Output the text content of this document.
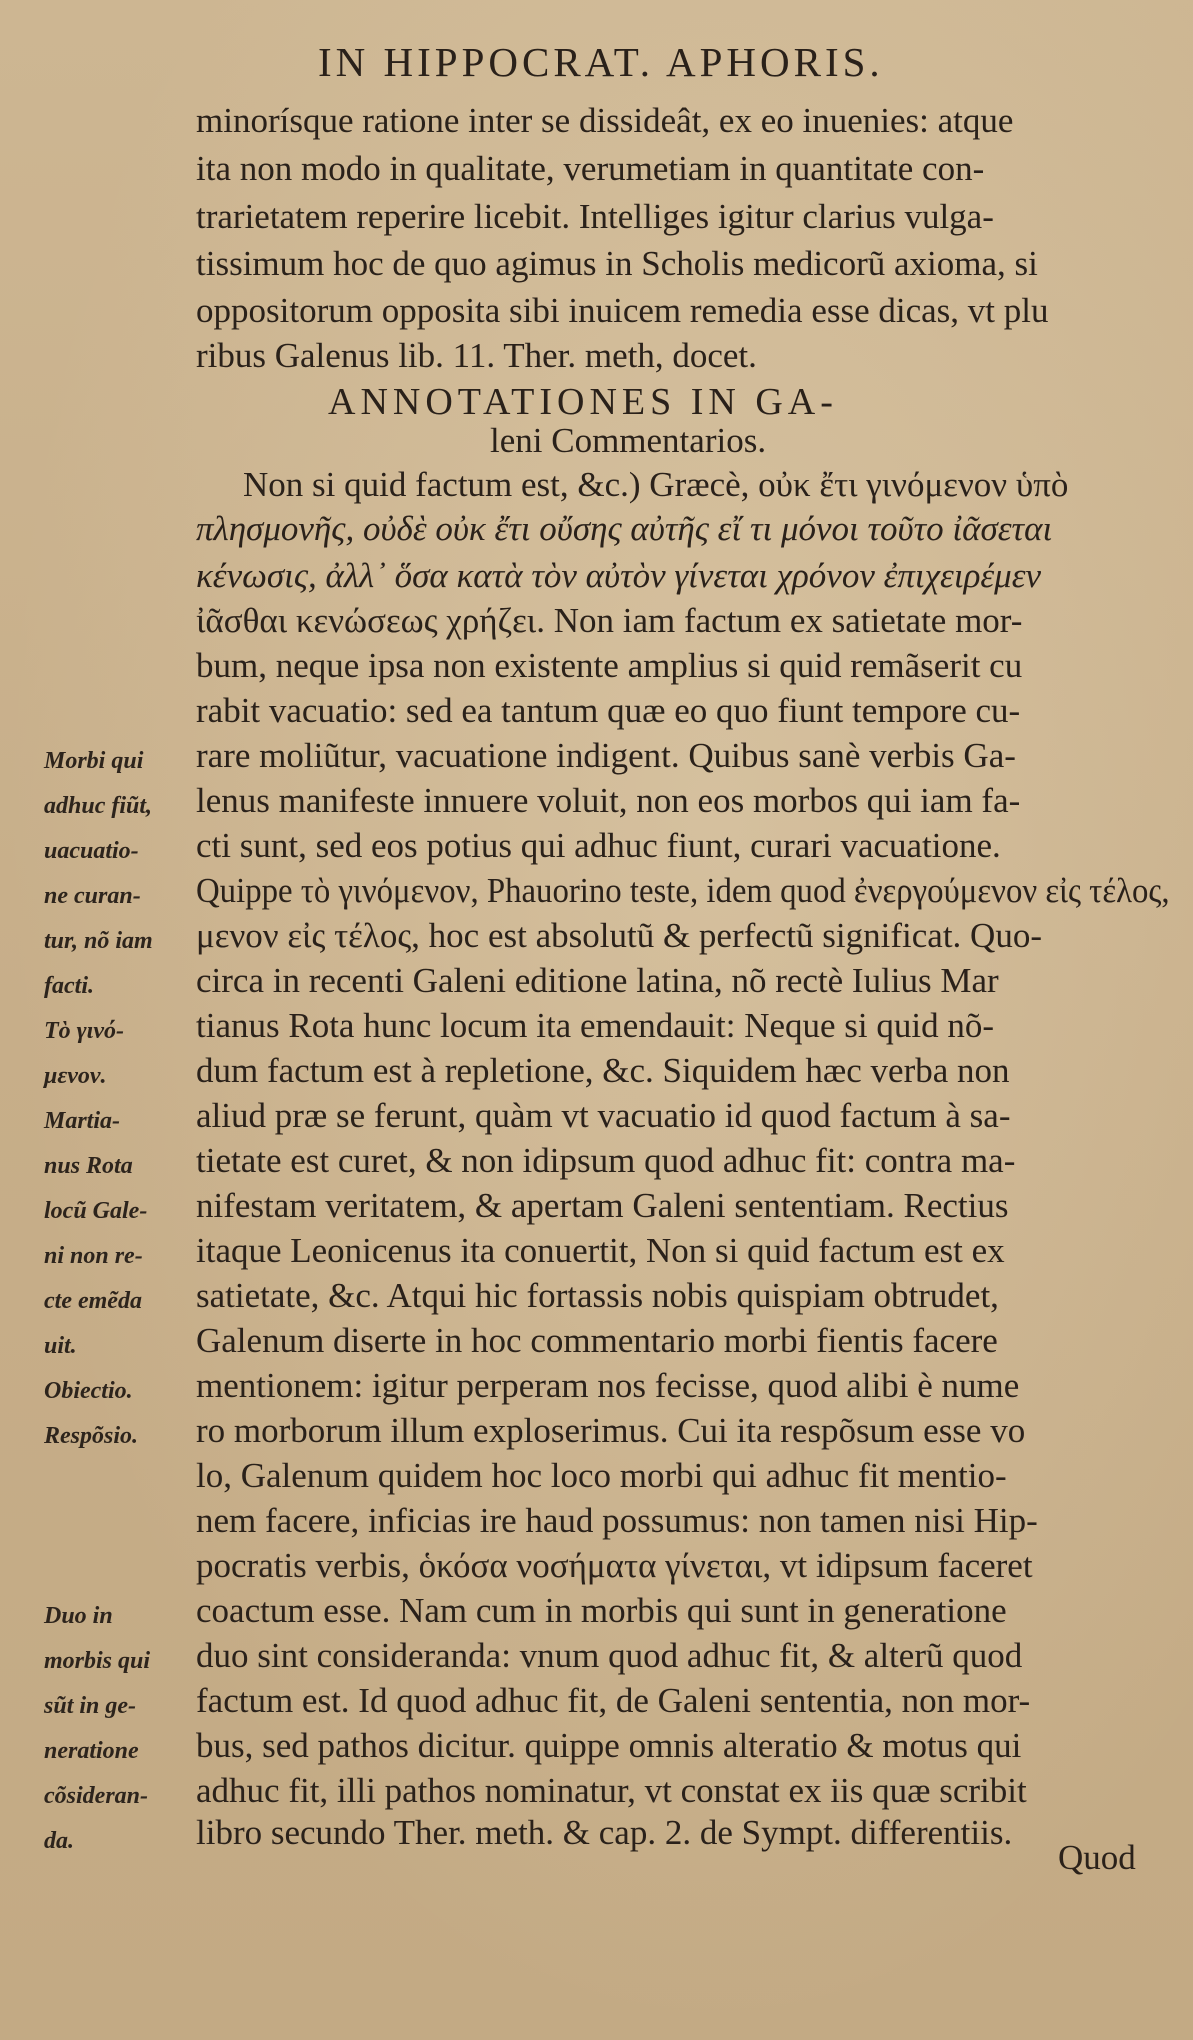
IN HIPPOCRAT. APHORIS.
minorísque ratione inter se dissideât, ex eo inuenies: atque
ita non modo in qualitate, verumetiam in quantitate con-
trarietatem reperire licebit. Intelliges igitur clarius vulga-
tissimum hoc de quo agimus in Scholis medicorũ axioma, si
oppositorum opposita sibi inuicem remedia esse dicas, vt plu
ribus Galenus lib. 11. Ther. meth, docet.
ANNOTATIONES IN GA-
leni Commentarios.
Non si quid factum est, &c.) Græcè, οὐκ ἔτι γινόμενον ὑπὸ
πλησμονῆς, οὐδὲ οὐκ ἔτι οὔσης αὐτῆς εἴ τι μόνοι τοῦτο ἰᾶσεται
κένωσις, ἀλλ᾽ ὅσα κατὰ τὸν αὐτὸν γίνεται χρόνον ἐπιχειρέμεν
ἰᾶσθαι κενώσεως χρήζει. Non iam factum ex satietate mor-
bum, neque ipsa non existente amplius si quid remãserit cu
rabit vacuatio: sed ea tantum quæ eo quo fiunt tempore cu-
rare moliũtur, vacuatione indigent. Quibus sanè verbis Ga-
lenus manifeste innuere voluit, non eos morbos qui iam fa-
cti sunt, sed eos potius qui adhuc fiunt, curari vacuatione.
Quippe τὸ γινόμενον, Phauorino teste, idem quod ἐνεργούμενον εἰς τέλος,
μενον εἰς τέλος, hoc est absolutũ & perfectũ significat. Quo-
circa in recenti Galeni editione latina, nõ rectè Iulius Mar
tianus Rota hunc locum ita emendauit: Neque si quid nõ-
dum factum est à repletione, &c. Siquidem hæc verba non
aliud præ se ferunt, quàm vt vacuatio id quod factum à sa-
tietate est curet, & non idipsum quod adhuc fit: contra ma-
nifestam veritatem, & apertam Galeni sententiam. Rectius
itaque Leonicenus ita conuertit, Non si quid factum est ex
satietate, &c. Atqui hic fortassis nobis quispiam obtrudet,
Galenum diserte in hoc commentario morbi fientis facere
mentionem: igitur perperam nos fecisse, quod alibi è nume
ro morborum illum exploserimus. Cui ita respõsum esse vo
lo, Galenum quidem hoc loco morbi qui adhuc fit mentio-
nem facere, inficias ire haud possumus: non tamen nisi Hip-
pocratis verbis, ὁκόσα νοσήματα γίνεται, vt idipsum faceret
coactum esse. Nam cum in morbis qui sunt in generatione
duo sint consideranda: vnum quod adhuc fit, & alterũ quod
factum est. Id quod adhuc fit, de Galeni sententia, non mor-
bus, sed pathos dicitur. quippe omnis alteratio & motus qui
adhuc fit, illi pathos nominatur, vt constat ex iis quæ scribit
libro secundo Ther. meth. & cap. 2. de Sympt. differentiis.
Morbi qui
adhuc fiũt,
uacuatio-
ne curan-
tur, nõ iam
facti.
Τὸ γινό-
μενον.
Martia-
nus Rota
locũ Gale-
ni non re-
cte emẽda
uit.
Obiectio.
Respõsio.
Duo in
morbis qui
sũt in ge-
neratione
cõsideran-
da.	Quod
